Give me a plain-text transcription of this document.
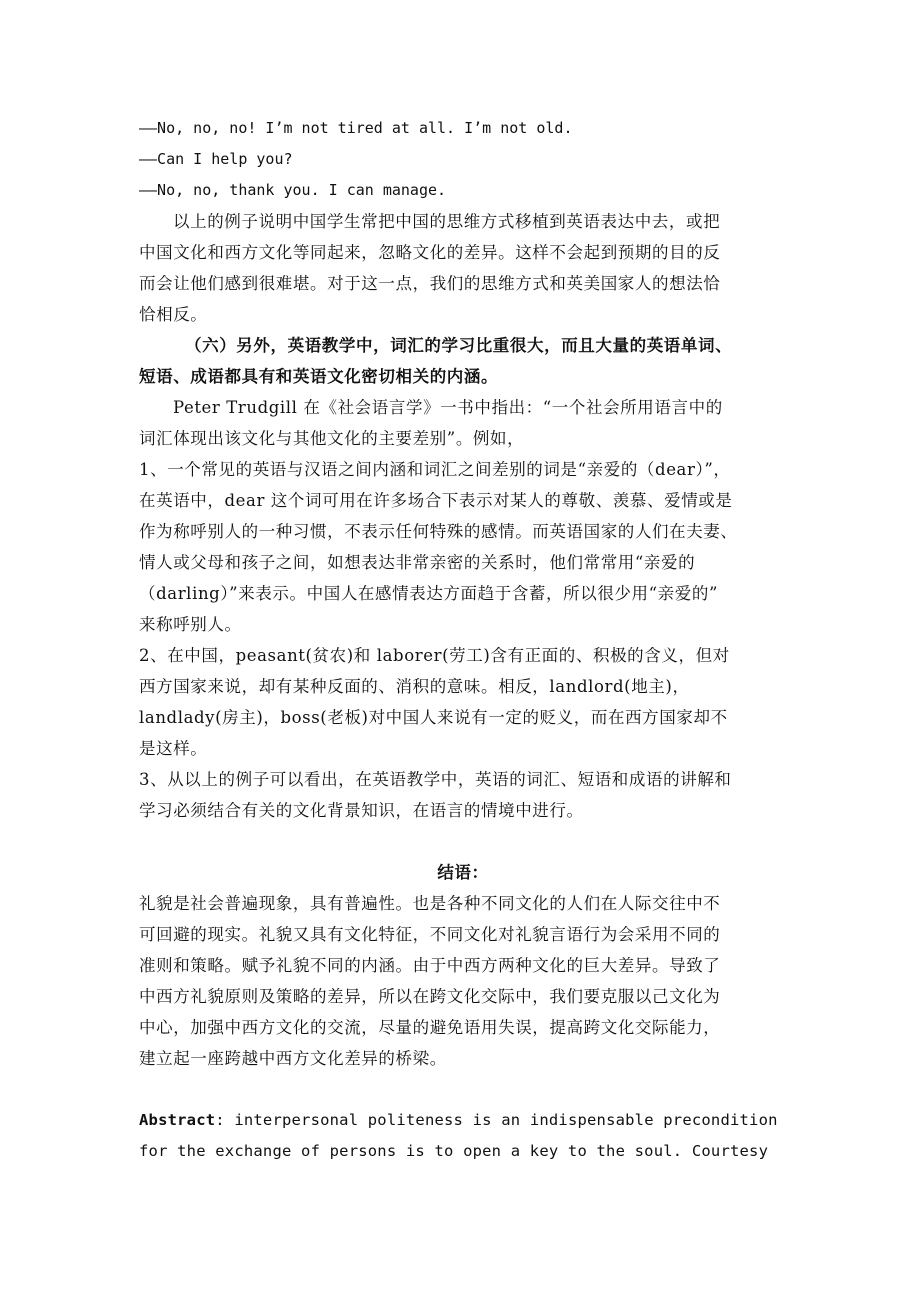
——No, no, no! I’m not tired at all. I’m not old.
——Can I help you?
——No, no, thank you. I can manage.
以上的例子说明中国学生常把中国的思维方式移植到英语表达中去，或把
中国文化和西方文化等同起来，忽略文化的差异。这样不会起到预期的目的反
而会让他们感到很难堪。对于这一点，我们的思维方式和英美国家人的想法恰
恰相反。
（六）另外，英语教学中，词汇的学习比重很大，而且大量的英语单词、
短语、成语都具有和英语文化密切相关的内涵。
Peter Trudgill 在《社会语言学》一书中指出：“一个社会所用语言中的
词汇体现出该文化与其他文化的主要差别”。例如，
1、一个常见的英语与汉语之间内涵和词汇之间差别的词是“亲爱的（dear）”，
在英语中，dear 这个词可用在许多场合下表示对某人的尊敬、羡慕、爱情或是
作为称呼别人的一种习惯，不表示任何特殊的感情。而英语国家的人们在夫妻、
情人或父母和孩子之间，如想表达非常亲密的关系时，他们常常用“亲爱的
（darling）”来表示。中国人在感情表达方面趋于含蓄，所以很少用“亲爱的”
来称呼别人。
2、在中国，peasant(贫农)和 laborer(劳工)含有正面的、积极的含义，但对
西方国家来说，却有某种反面的、消积的意味。相反，landlord(地主)，
landlady(房主)，boss(老板)对中国人来说有一定的贬义，而在西方国家却不
是这样。
3、从以上的例子可以看出，在英语教学中，英语的词汇、短语和成语的讲解和
学习必须结合有关的文化背景知识，在语言的情境中进行。
结语：
礼貌是社会普遍现象，具有普遍性。也是各种不同文化的人们在人际交往中不
可回避的现实。礼貌又具有文化特征，不同文化对礼貌言语行为会采用不同的
准则和策略。赋予礼貌不同的内涵。由于中西方两种文化的巨大差异。导致了
中西方礼貌原则及策略的差异，所以在跨文化交际中，我们要克服以己文化为
中心，加强中西方文化的交流，尽量的避免语用失误，提高跨文化交际能力，
建立起一座跨越中西方文化差异的桥梁。
Abstract: interpersonal politeness is an indispensable precondition
for the exchange of persons is to open a key to the soul. Courtesy
